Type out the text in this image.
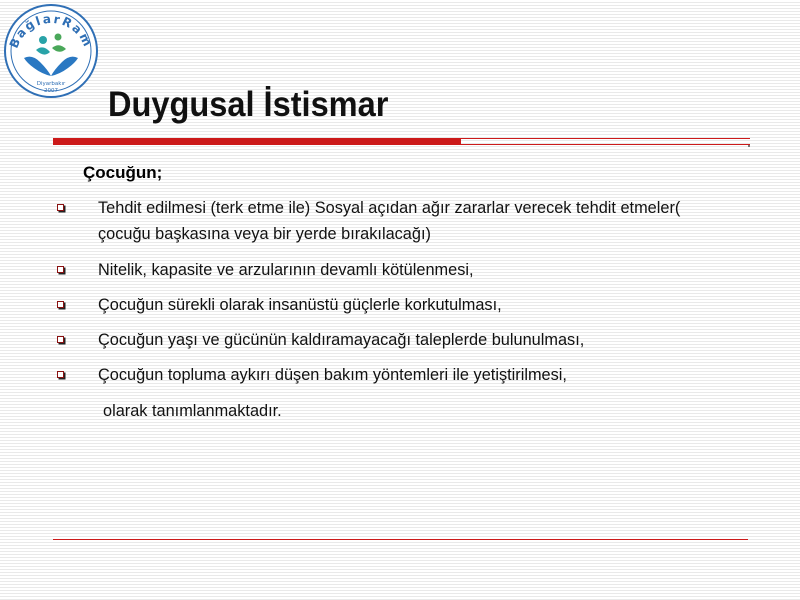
BağlarRam
Diyarbakır
2007 Duygusal İstismar
Çocuğun;
Tehdit edilmesi (terk etme ile) Sosyal açıdan ağır zararlar verecek tehdit etmeler( çocuğu başkasına veya bir yerde bırakılacağı)
Nitelik, kapasite ve arzularının devamlı kötülenmesi,
Çocuğun sürekli olarak insanüstü güçlerle korkutulması,
Çocuğun yaşı ve gücünün kaldıramayacağı taleplerde bulunulması,
Çocuğun topluma aykırı düşen bakım yöntemleri ile yetiştirilmesi,
olarak tanımlanmaktadır.
